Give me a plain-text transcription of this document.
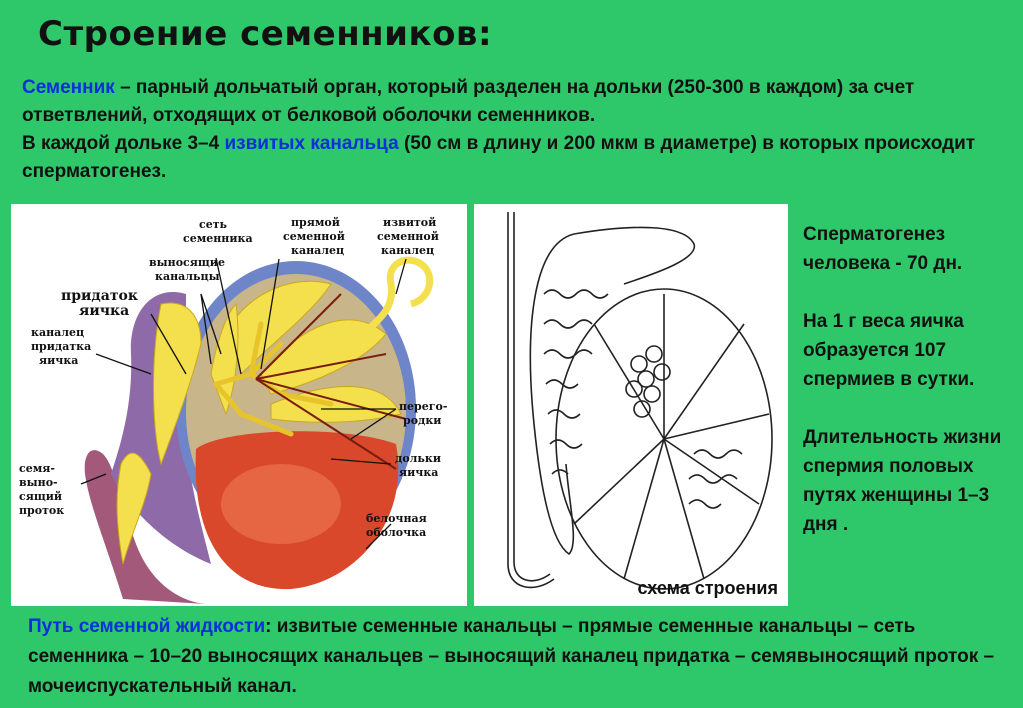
Строение семенников:
Семенник – парный дольчатый орган, который разделен на дольки (250-300 в каждом) за счет ответвлений, отходящих от белковой оболочки семенников.
В каждой дольке 3–4 извитых канальца (50 см в длину и 200 мкм в диаметре) в которых происходит сперматогенез.
сеть
семенника
выносящие
канальцы
придаток
яичка
каналец
придатка
яичка
семя-
выно-
сящий
проток
прямой
семенной
каналец
извитой
семенной
каналец
перего-
родки
дольки
яичка
белочная
оболочка
схема строения

Сперматогенез человека - 70 дн.

На 1 г веса яичка образуется 107 спермиев в сутки.

Длительность жизни спермия половых путях женщины 1–3 дня .

Путь семенной жидкости: извитые семенные канальцы – прямые семенные канальцы – сеть семенника – 10–20 выносящих канальцев – выносящий каналец придатка – семявыносящий проток – мочеиспускательный канал.
